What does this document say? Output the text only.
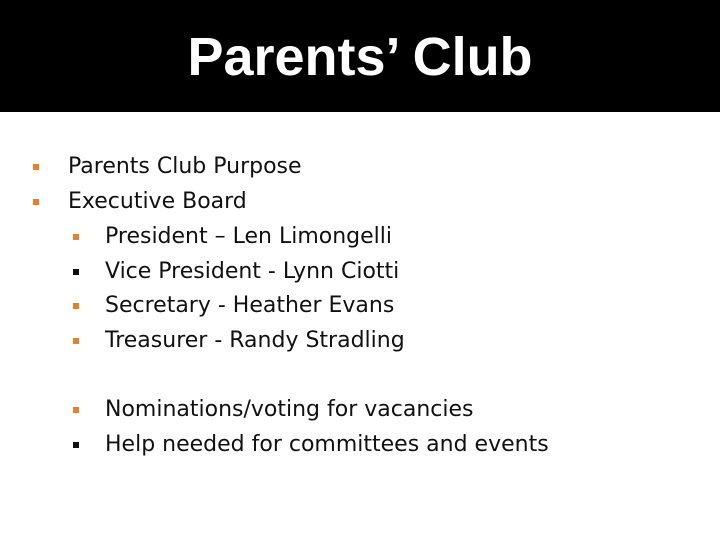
Parents’ Club
Parents Club Purpose
Executive Board
President – Len Limongelli
Vice President - Lynn Ciotti
Secretary - Heather Evans
Treasurer - Randy Stradling
Nominations/voting for vacancies
Help needed for committees and events
